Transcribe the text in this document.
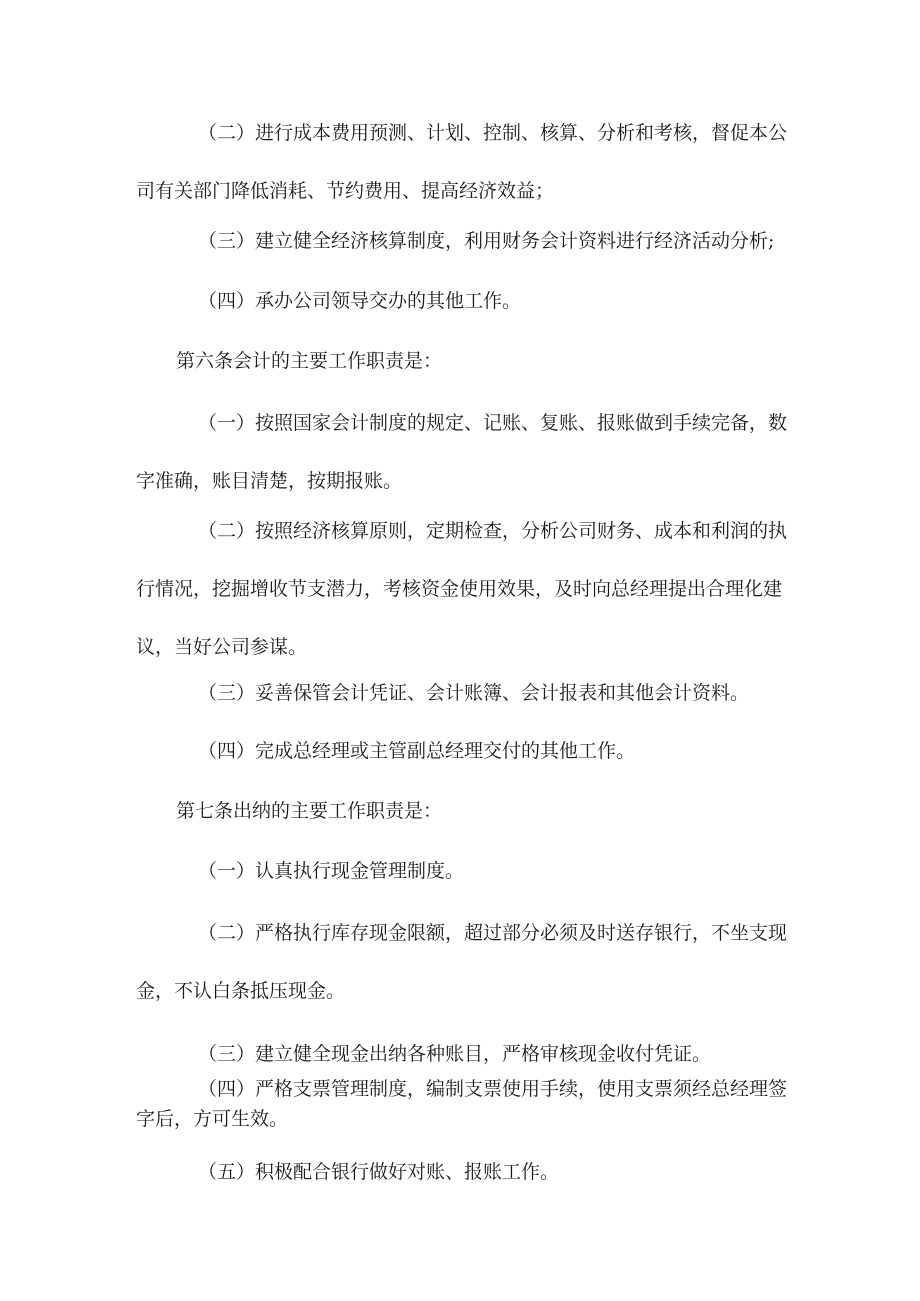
（二）进行成本费用预测、计划、控制、核算、分析和考核，督促本公司有关部门降低消耗、节约费用、提高经济效益；

（三）建立健全经济核算制度，利用财务会计资料进行经济活动分析;

（四）承办公司领导交办的其他工作。

第六条会计的主要工作职责是：

（一）按照国家会计制度的规定、记账、复账、报账做到手续完备，数字准确，账目清楚，按期报账。

（二）按照经济核算原则，定期检查，分析公司财务、成本和利润的执行情况，挖掘增收节支潜力，考核资金使用效果，及时向总经理提出合理化建议，当好公司参谋。

（三）妥善保管会计凭证、会计账簿、会计报表和其他会计资料。

（四）完成总经理或主管副总经理交付的其他工作。

第七条出纳的主要工作职责是：

（一）认真执行现金管理制度。

（二）严格执行库存现金限额，超过部分必须及时送存银行，不坐支现金，不认白条抵压现金。

（三）建立健全现金出纳各种账目，严格审核现金收付凭证。

（四）严格支票管理制度，编制支票使用手续，使用支票须经总经理签字后，方可生效。

（五）积极配合银行做好对账、报账工作。
